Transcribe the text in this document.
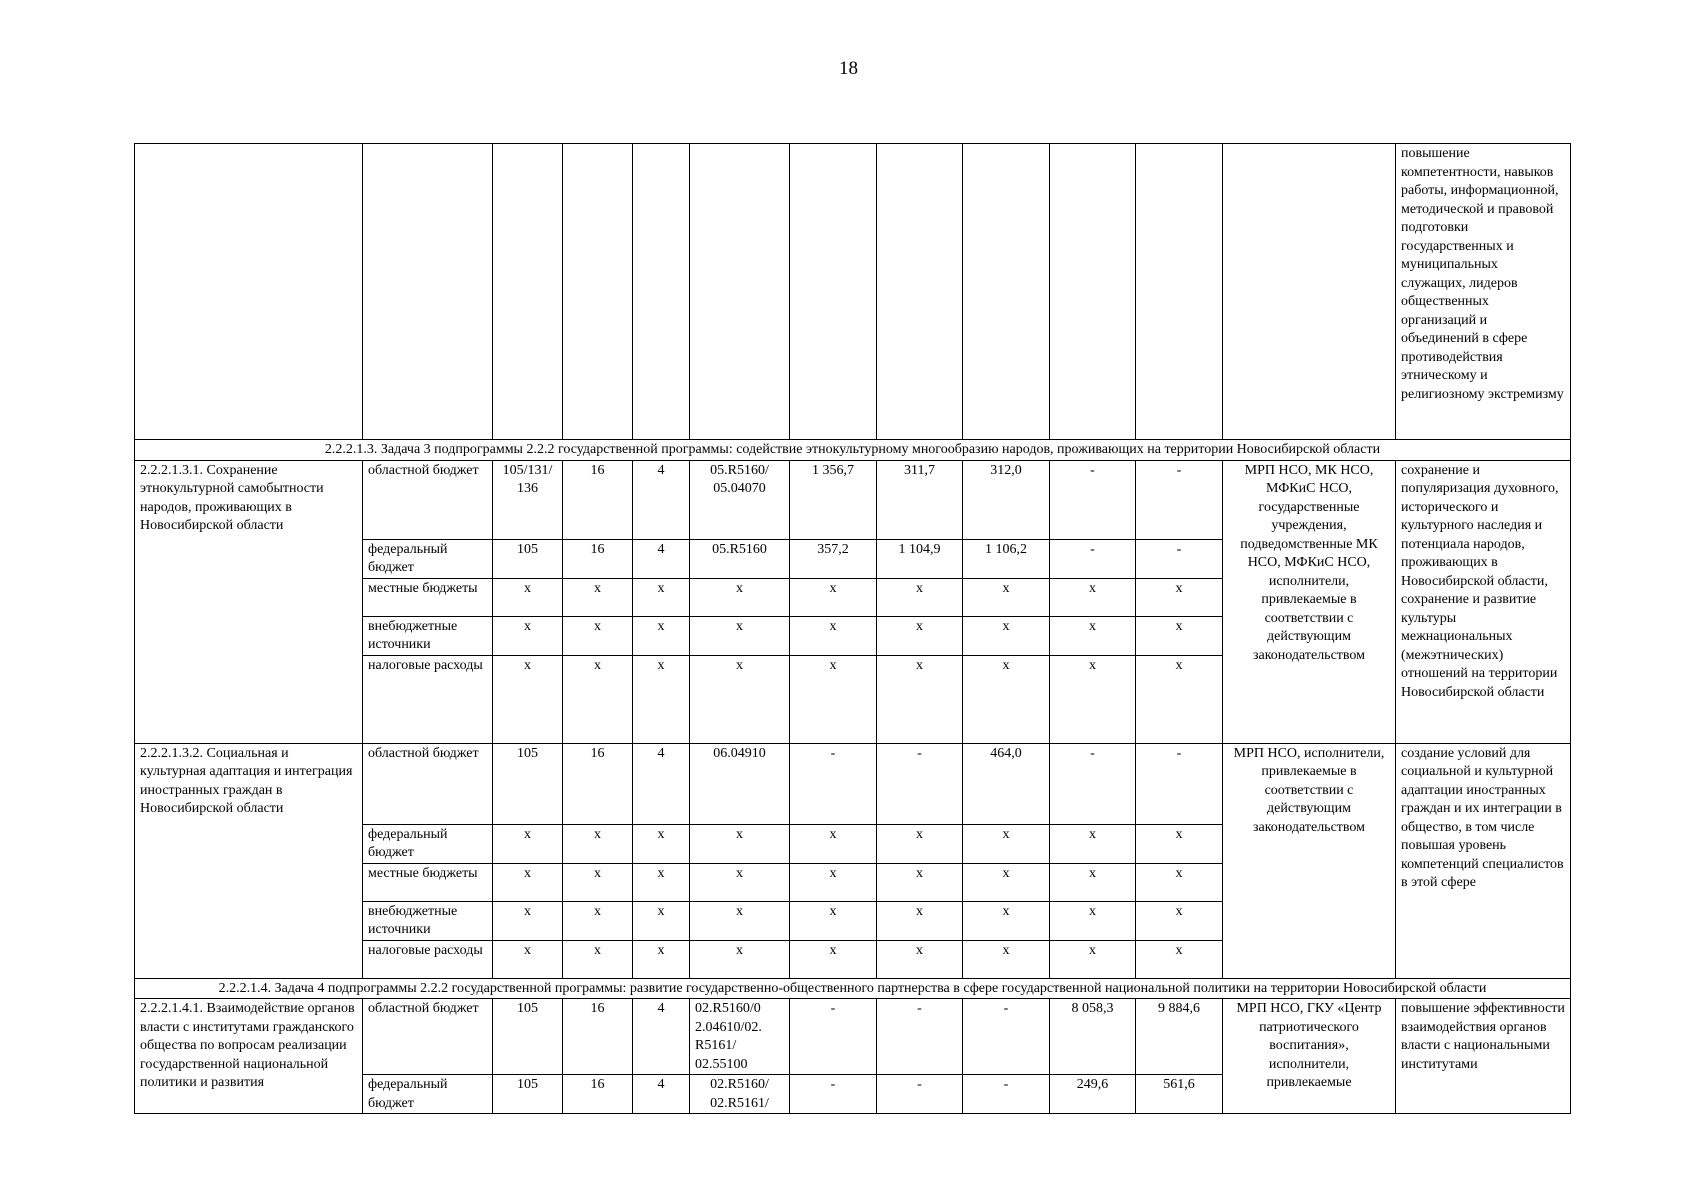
18
												повышение компетентности, навыков работы, информационной, методической и правовой подготовки государственных и муниципальных служащих, лидеров общественных организаций и объединений в сфере противодействия этническому и религиозному экстремизму
2.2.2.1.3. Задача 3 подпрограммы 2.2.2 государственной программы: содействие этнокультурному многообразию народов, проживающих на территории Новосибирской области												
2.2.2.1.3.1. Сохранение этнокультурной самобытности народов, проживающих в Новосибирской области	областной бюджет	105/131/ 136	16	4	05.R5160/ 05.04070	1 356,7	311,7	312,0	-	-	МРП НСО, МК НСО, МФКиС НСО, государственные учреждения, подведомственные МК НСО, МФКиС НСО, исполнители, привлекаемые в соответствии с действующим законодательством	сохранение и популяризация духовного, исторического и культурного наследия и потенциала народов, проживающих в Новосибирской области, сохранение и развитие культуры межнациональных (межэтнических) отношений на территории Новосибирской области
	федеральный бюджет	105	16	4	05.R5160	357,2	1 104,9	1 106,2	-	-		
	местные бюджеты	x	x	x	x	x	x	x	x	x		
	внебюджетные источники	x	x	x	x	x	x	x	x	x		
	налоговые расходы	x	x	x	x	x	x	x	x	x		
2.2.2.1.3.2. Социальная и культурная адаптация и интеграция иностранных граждан в Новосибирской области	областной бюджет	105	16	4	06.04910	-	-	464,0	-	-	МРП НСО, исполнители, привлекаемые в соответствии с действующим законодательством	создание условий для социальной и культурной адаптации иностранных граждан и их интеграции в общество, в том числе повышая уровень компетенций специалистов в этой сфере
	федеральный бюджет	x	x	x	x	x	x	x	x	x		
	местные бюджеты	x	x	x	x	x	x	x	x	x		
	внебюджетные источники	x	x	x	x	x	x	x	x	x		
	налоговые расходы	x	x	x	x	x	x	x	x	x		
2.2.2.1.4. Задача 4 подпрограммы 2.2.2 государственной программы: развитие государственно-общественного партнерства в сфере государственной национальной политики на территории Новосибирской области												
2.2.2.1.4.1. Взаимодействие органов власти с институтами гражданского общества по вопросам реализации государственной национальной политики и развития	областной бюджет	105	16	4	02.R5160/0 2.04610/02. R5161/ 02.55100	-	-	-	8 058,3	9 884,6	МРП НСО, ГКУ «Центр патриотического воспитания», исполнители, привлекаемые	повышение эффективности взаимодействия органов власти с национальными институтами
	федеральный бюджет	105	16	4	02.R5160/ 02.R5161/	-	-	-	249,6	561,6		
